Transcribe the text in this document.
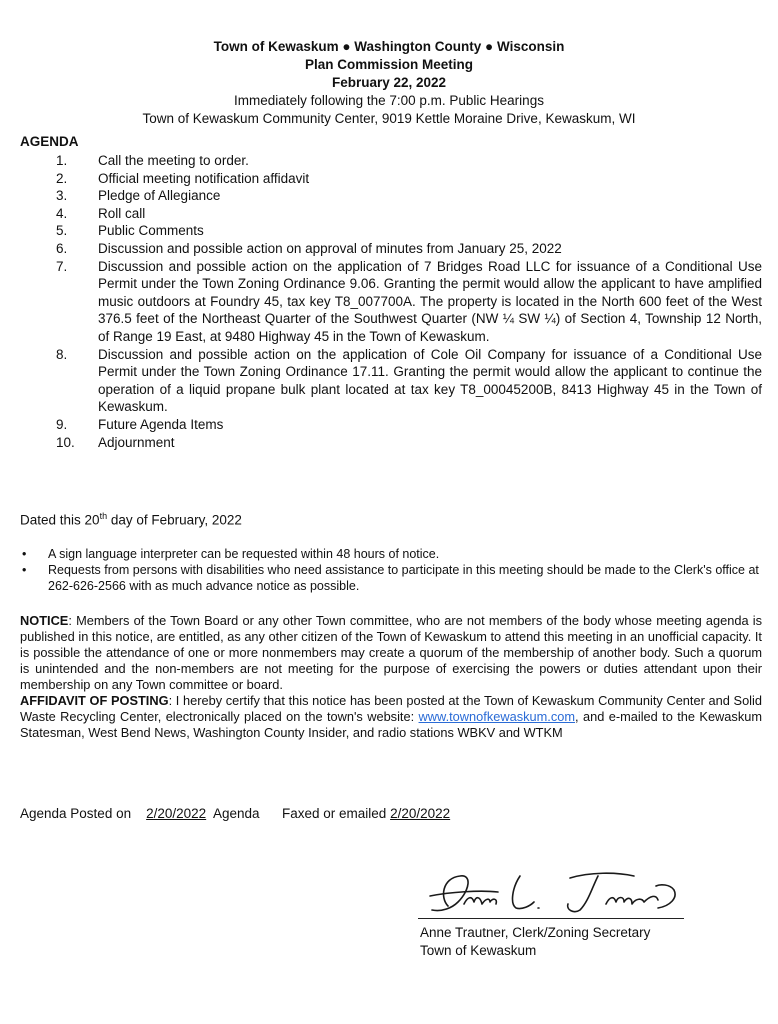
Town of Kewaskum ● Washington County ● Wisconsin
Plan Commission Meeting
February 22, 2022
Immediately following the 7:00 p.m. Public Hearings
Town of Kewaskum Community Center, 9019 Kettle Moraine Drive, Kewaskum, WI
AGENDA
1.	Call the meeting to order.
2.	Official meeting notification affidavit
3.	Pledge of Allegiance
4.	Roll call
5.	Public Comments
6.	Discussion and possible action on approval of minutes from January 25, 2022
7.	Discussion and possible action on the application of 7 Bridges Road LLC for issuance of a Conditional Use Permit under the Town Zoning Ordinance 9.06. Granting the permit would allow the applicant to have amplified music outdoors at Foundry 45, tax key T8_007700A. The property is located in the North 600 feet of the West 376.5 feet of the Northeast Quarter of the Southwest Quarter (NW ¼ SW ¼) of Section 4, Township 12 North, of Range 19 East, at 9480 Highway 45 in the Town of Kewaskum.
8.	Discussion and possible action on the application of Cole Oil Company for issuance of a Conditional Use Permit under the Town Zoning Ordinance 17.11. Granting the permit would allow the applicant to continue the operation of a liquid propane bulk plant located at tax key T8_00045200B, 8413 Highway 45 in the Town of Kewaskum.
9.	Future Agenda Items
10.	Adjournment
Dated this 20th day of February, 2022
•	A sign language interpreter can be requested within 48 hours of notice.
•	Requests from persons with disabilities who need assistance to participate in this meeting should be made to the Clerk's office at 262-626-2566 with as much advance notice as possible.
NOTICE: Members of the Town Board or any other Town committee, who are not members of the body whose meeting agenda is published in this notice, are entitled, as any other citizen of the Town of Kewaskum to attend this meeting in an unofficial capacity. It is possible the attendance of one or more nonmembers may create a quorum of the membership of another body. Such a quorum is unintended and the non-members are not meeting for the purpose of exercising the powers or duties attendant upon their membership on any Town committee or board.
AFFIDAVIT OF POSTING: I hereby certify that this notice has been posted at the Town of Kewaskum Community Center and Solid Waste Recycling Center, electronically placed on the town's website: www.townofkewaskum.com, and e-mailed to the Kewaskum Statesman, West Bend News, Washington County Insider, and radio stations WBKV and WTKM
Agenda Posted on 2/20/2022 Agenda Faxed or emailed 2/20/2022
Anne L. Trautner
Anne Trautner, Clerk/Zoning Secretary
Town of Kewaskum
